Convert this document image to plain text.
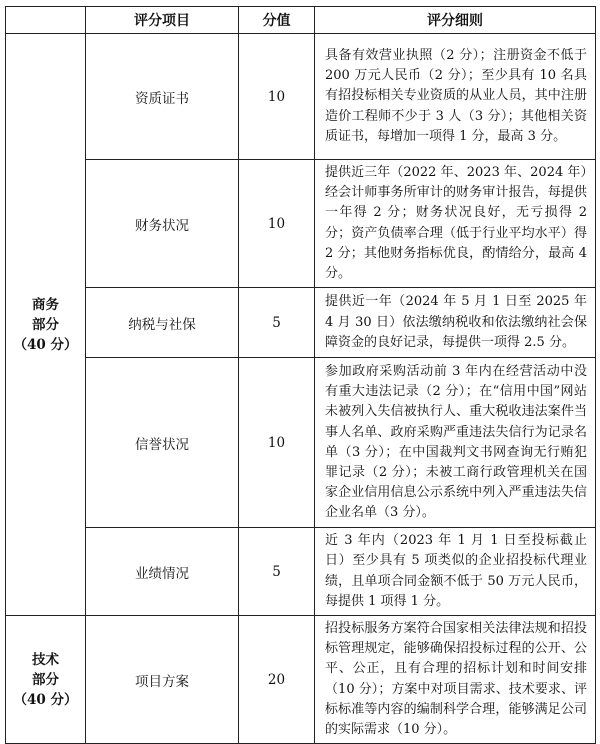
	评分项目	分值	评分细则

商务
部分
（40 分）	资质证书	10	具备有效营业执照（2 分）；注册资金不低于 200 万元人民币（2 分）；至少具有 10 名具有招投标相关专业资质的从业人员，其中注册造价工程师不少于 3 人（3 分）；其他相关资质证书，每增加一项得 1 分，最高 3 分。
	财务状况	10	提供近三年（2022 年、2023 年、2024 年）经会计师事务所审计的财务审计报告，每提供一年得 2 分；财务状况良好，无亏损得 2 分；资产负债率合理（低于行业平均水平）得 2 分；其他财务指标优良，酌情给分，最高 4 分。
	纳税与社保	5	提供近一年（2024 年 5 月 1 日至 2025 年 4 月 30 日）依法缴纳税收和依法缴纳社会保障资金的良好记录，每提供一项得 2.5 分。
	信誉状况	10	参加政府采购活动前 3 年内在经营活动中没有重大违法记录（2 分）；在“信用中国”网站未被列入失信被执行人、重大税收违法案件当事人名单、政府采购严重违法失信行为记录名单（3 分）；在中国裁判文书网查询无行贿犯罪记录（2 分）；未被工商行政管理机关在国家企业信用信息公示系统中列入严重违法失信企业名单（3 分）。
	业绩情况	5	近 3 年内（2023 年 1 月 1 日至投标截止日）至少具有 5 项类似的企业招投标代理业绩，且单项合同金额不低于 50 万元人民币，每提供 1 项得 1 分。

技术
部分
（40 分）	项目方案	20	招投标服务方案符合国家相关法律法规和招投标管理规定，能够确保招投标过程的公开、公平、公正，且有合理的招标计划和时间安排（10 分）；方案中对项目需求、技术要求、评标标准等内容的编制科学合理，能够满足公司的实际需求（10 分）。
